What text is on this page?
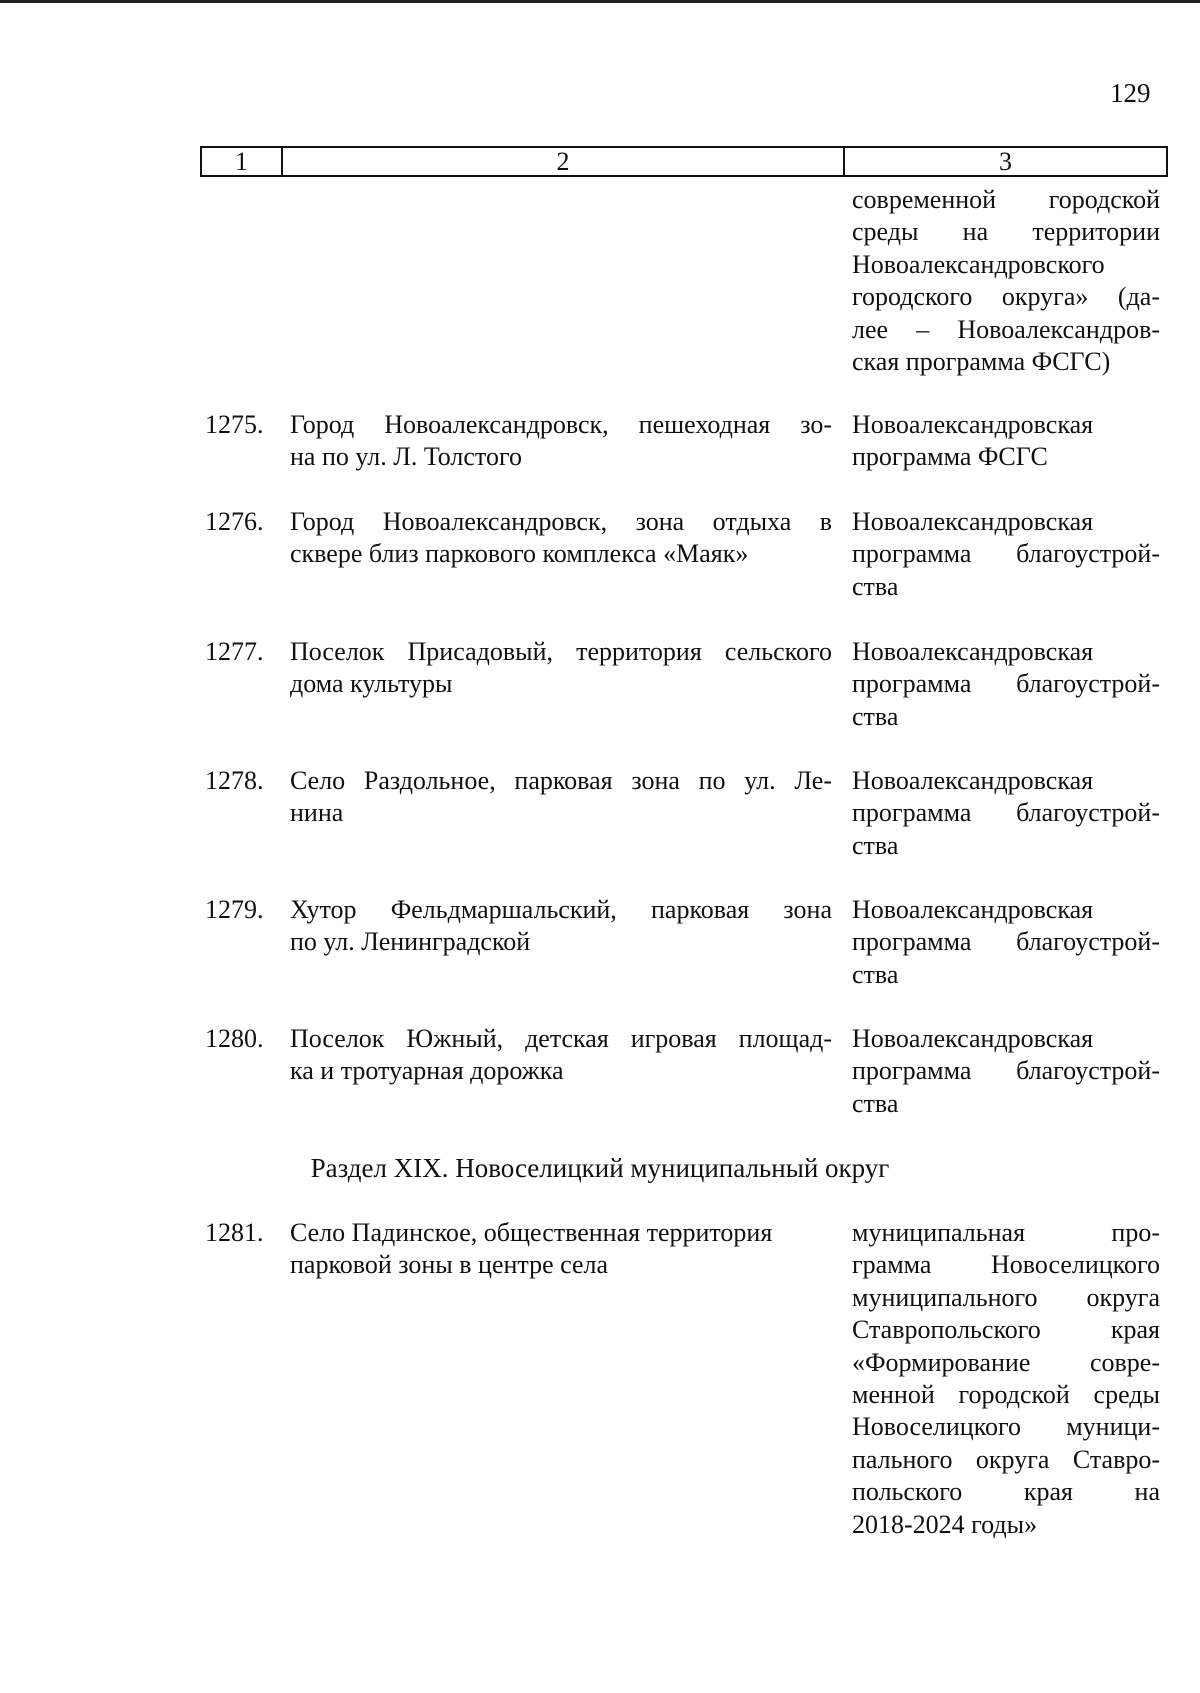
129
1	2	3
современной городской
среды на территории
Новоалександровского
городского округа» (да-
лее – Новоалександров-
ская программа ФСГС)
1275. Город Новоалександровск, пешеходная зо-
на по ул. Л. Толстого
Новоалександровская
программа ФСГС
1276. Город Новоалександровск, зона отдыха в
сквере близ паркового комплекса «Маяк»
Новоалександровская
программа благоустрой-
ства
1277. Поселок Присадовый, территория сельского
дома культуры
Новоалександровская
программа благоустрой-
ства
1278. Село Раздольное, парковая зона по ул. Ле-
нина
Новоалександровская
программа благоустрой-
ства
1279. Хутор Фельдмаршальский, парковая зона
по ул. Ленинградской
Новоалександровская
программа благоустрой-
ства
1280. Поселок Южный, детская игровая площад-
ка и тротуарная дорожка
Новоалександровская
программа благоустрой-
ства
Раздел XIX. Новоселицкий муниципальный округ
1281. Село Падинское, общественная территория
парковой зоны в центре села
муниципальная про-
грамма Новоселицкого
муниципального округа
Ставропольского края
«Формирование совре-
менной городской среды
Новоселицкого муници-
пального округа Ставро-
польского края на
2018-2024 годы»
